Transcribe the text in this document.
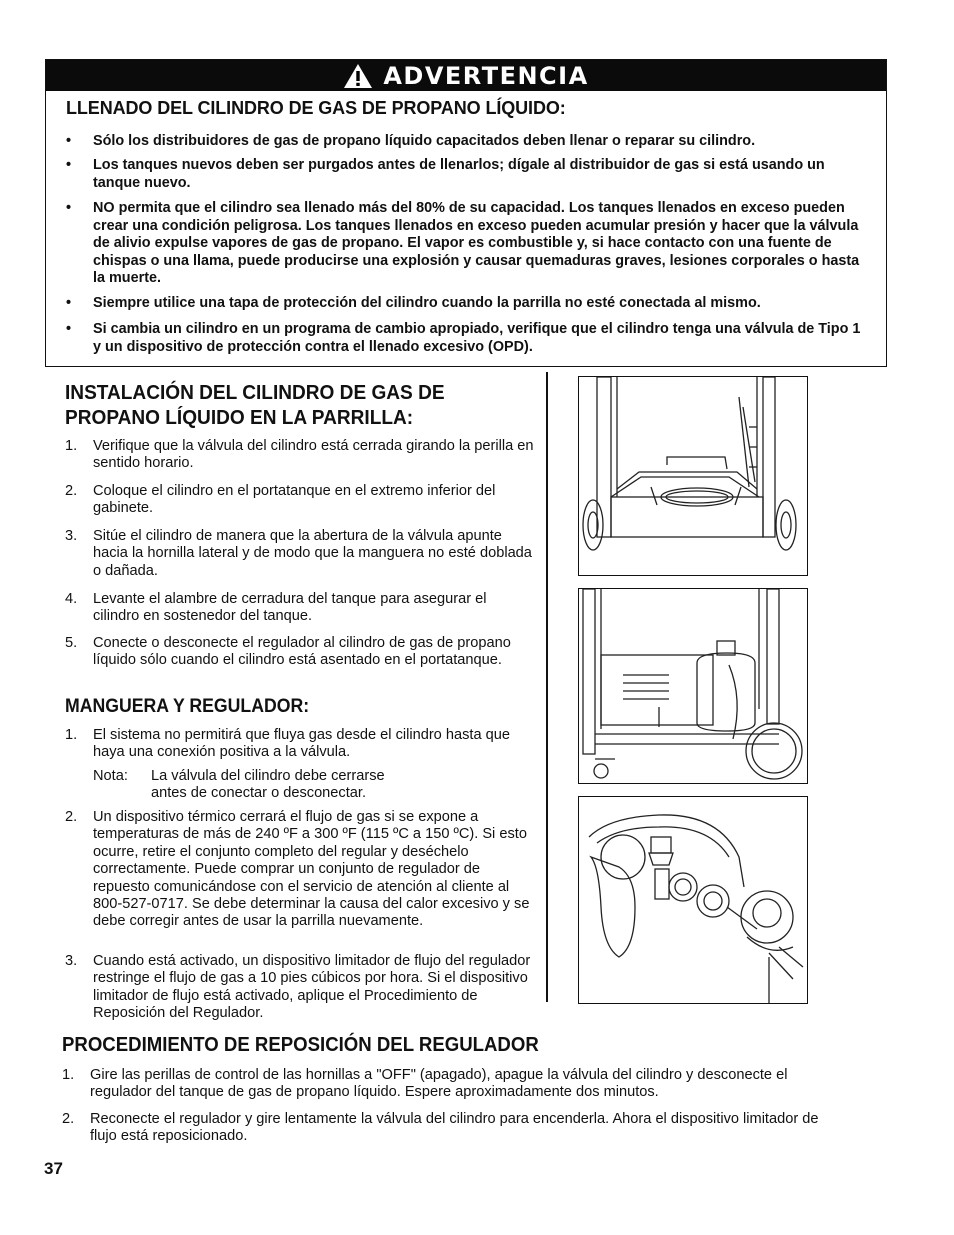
ADVERTENCIA
LLENADO DEL CILINDRO DE GAS DE PROPANO LÍQUIDO:
• Sólo los distribuidores de gas de propano líquido capacitados deben llenar o reparar su cilindro.
• Los tanques nuevos deben ser purgados antes de llenarlos; dígale al distribuidor de gas si está usando un tanque nuevo.
• NO permita que el cilindro sea llenado más del 80% de su capacidad. Los tanques llenados en exceso pueden crear una condición peligrosa. Los tanques llenados en exceso pueden acumular presión y hacer que la válvula de alivio expulse vapores de gas de propano. El vapor es combustible y, si hace contacto con una fuente de chispas o una llama, puede producirse una explosión y causar quemaduras graves, lesiones corporales o hasta la muerte.
• Siempre utilice una tapa de protección del cilindro cuando la parrilla no esté conectada al mismo.
• Si cambia un cilindro en un programa de cambio apropiado, verifique que el cilindro tenga una válvula de Tipo 1 y un dispositivo de protección contra el llenado excesivo (OPD).
INSTALACIÓN DEL CILINDRO DE GAS DE
PROPANO LÍQUIDO EN LA PARRILLA:
1. Verifique que la válvula del cilindro está cerrada girando la perilla en sentido horario.
2. Coloque el cilindro en el portatanque en el extremo inferior del gabinete.
3. Sitúe el cilindro de manera que la abertura de la válvula apunte hacia la hornilla lateral y de modo que la manguera no esté doblada o dañada.
4. Levante el alambre de cerradura del tanque para asegurar el cilindro en sostenedor del tanque.
5. Conecte o desconecte el regulador al cilindro de gas de propano líquido sólo cuando el cilindro está asentado en el portatanque.
MANGUERA Y REGULADOR:
1. El sistema no permitirá que fluya gas desde el cilindro hasta que haya una conexión positiva a la válvula.
Nota: La válvula del cilindro debe cerrarse antes de conectar o desconectar.
2. Un dispositivo térmico cerrará el flujo de gas si se expone a temperaturas de más de 240 ºF a 300 ºF (115 ºC a 150 ºC). Si esto ocurre, retire el conjunto completo del regular y deséchelo correctamente. Puede comprar un conjunto de regulador de repuesto comunicándose con el servicio de atención al cliente al 800-527-0717. Se debe determinar la causa del calor excesivo y se debe corregir antes de usar la parrilla nuevamente.
3. Cuando está activado, un dispositivo limitador de flujo del regulador restringe el flujo de gas a 10 pies cúbicos por hora. Si el dispositivo limitador de flujo está activado, aplique el Procedimiento de Reposición del Regulador.
PROCEDIMIENTO DE REPOSICIÓN DEL REGULADOR
1. Gire las perillas de control de las hornillas a "OFF" (apagado), apague la válvula del cilindro y desconecte el regulador del tanque de gas de propano líquido. Espere aproximadamente dos minutos.
2. Reconecte el regulador y gire lentamente la válvula del cilindro para encenderla. Ahora el dispositivo limitador de flujo está reposicionado.
37
